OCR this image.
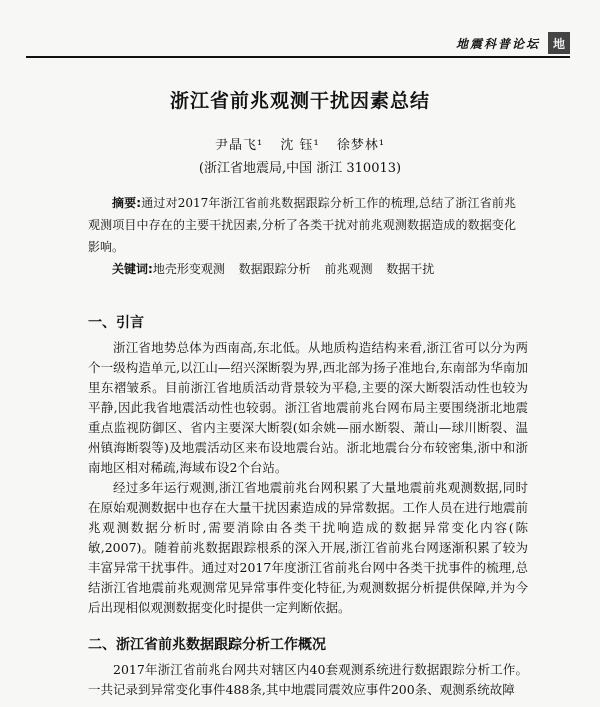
地震科普论坛	地
浙江省前兆观测干扰因素总结
尹晶飞¹ 沈 钰¹ 徐梦林¹
(浙江省地震局,中国 浙江 310013)
摘要:通过对2017年浙江省前兆数据跟踪分析工作的梳理,总结了浙江省前兆观测项目中存在的主要干扰因素,分析了各类干扰对前兆观测数据造成的数据变化影响。
关键词:地壳形变观测 数据跟踪分析 前兆观测 数据干扰
一、引言

浙江省地势总体为西南高,东北低。从地质构造结构来看,浙江省可以分为两个一级构造单元,以江山—绍兴深断裂为界,西北部为扬子准地台,东南部为华南加里东褶皱系。目前浙江省地质活动背景较为平稳,主要的深大断裂活动性也较为平静,因此我省地震活动性也较弱。浙江省地震前兆台网布局主要围绕浙北地震重点监视防御区、省内主要深大断裂(如余姚—丽水断裂、萧山—球川断裂、温州镇海断裂等)及地震活动区来布设地震台站。浙北地震台分布较密集,浙中和浙南地区相对稀疏,海域布设2个台站。

经过多年运行观测,浙江省地震前兆台网积累了大量地震前兆观测数据,同时在原始观测数据中也存在大量干扰因素造成的异常数据。工作人员在进行地震前兆观测数据分析时,需要消除由各类干扰响造成的数据异常变化内容(陈敏,2007)。随着前兆数据跟踪根系的深入开展,浙江省前兆台网逐渐积累了较为丰富异常干扰事件。通过对2017年度浙江省前兆台网中各类干扰事件的梳理,总结浙江省地震前兆观测常见异常事件变化特征,为观测数据分析提供保障,并为今后出现相似观测数据变化时提供一定判断依据。

二、浙江省前兆数据跟踪分析工作概况

2017年浙江省前兆台网共对辖区内40套观测系统进行数据跟踪分析工作。一共记录到异常变化事件488条,其中地震同震效应事件200条、观测系统故障
